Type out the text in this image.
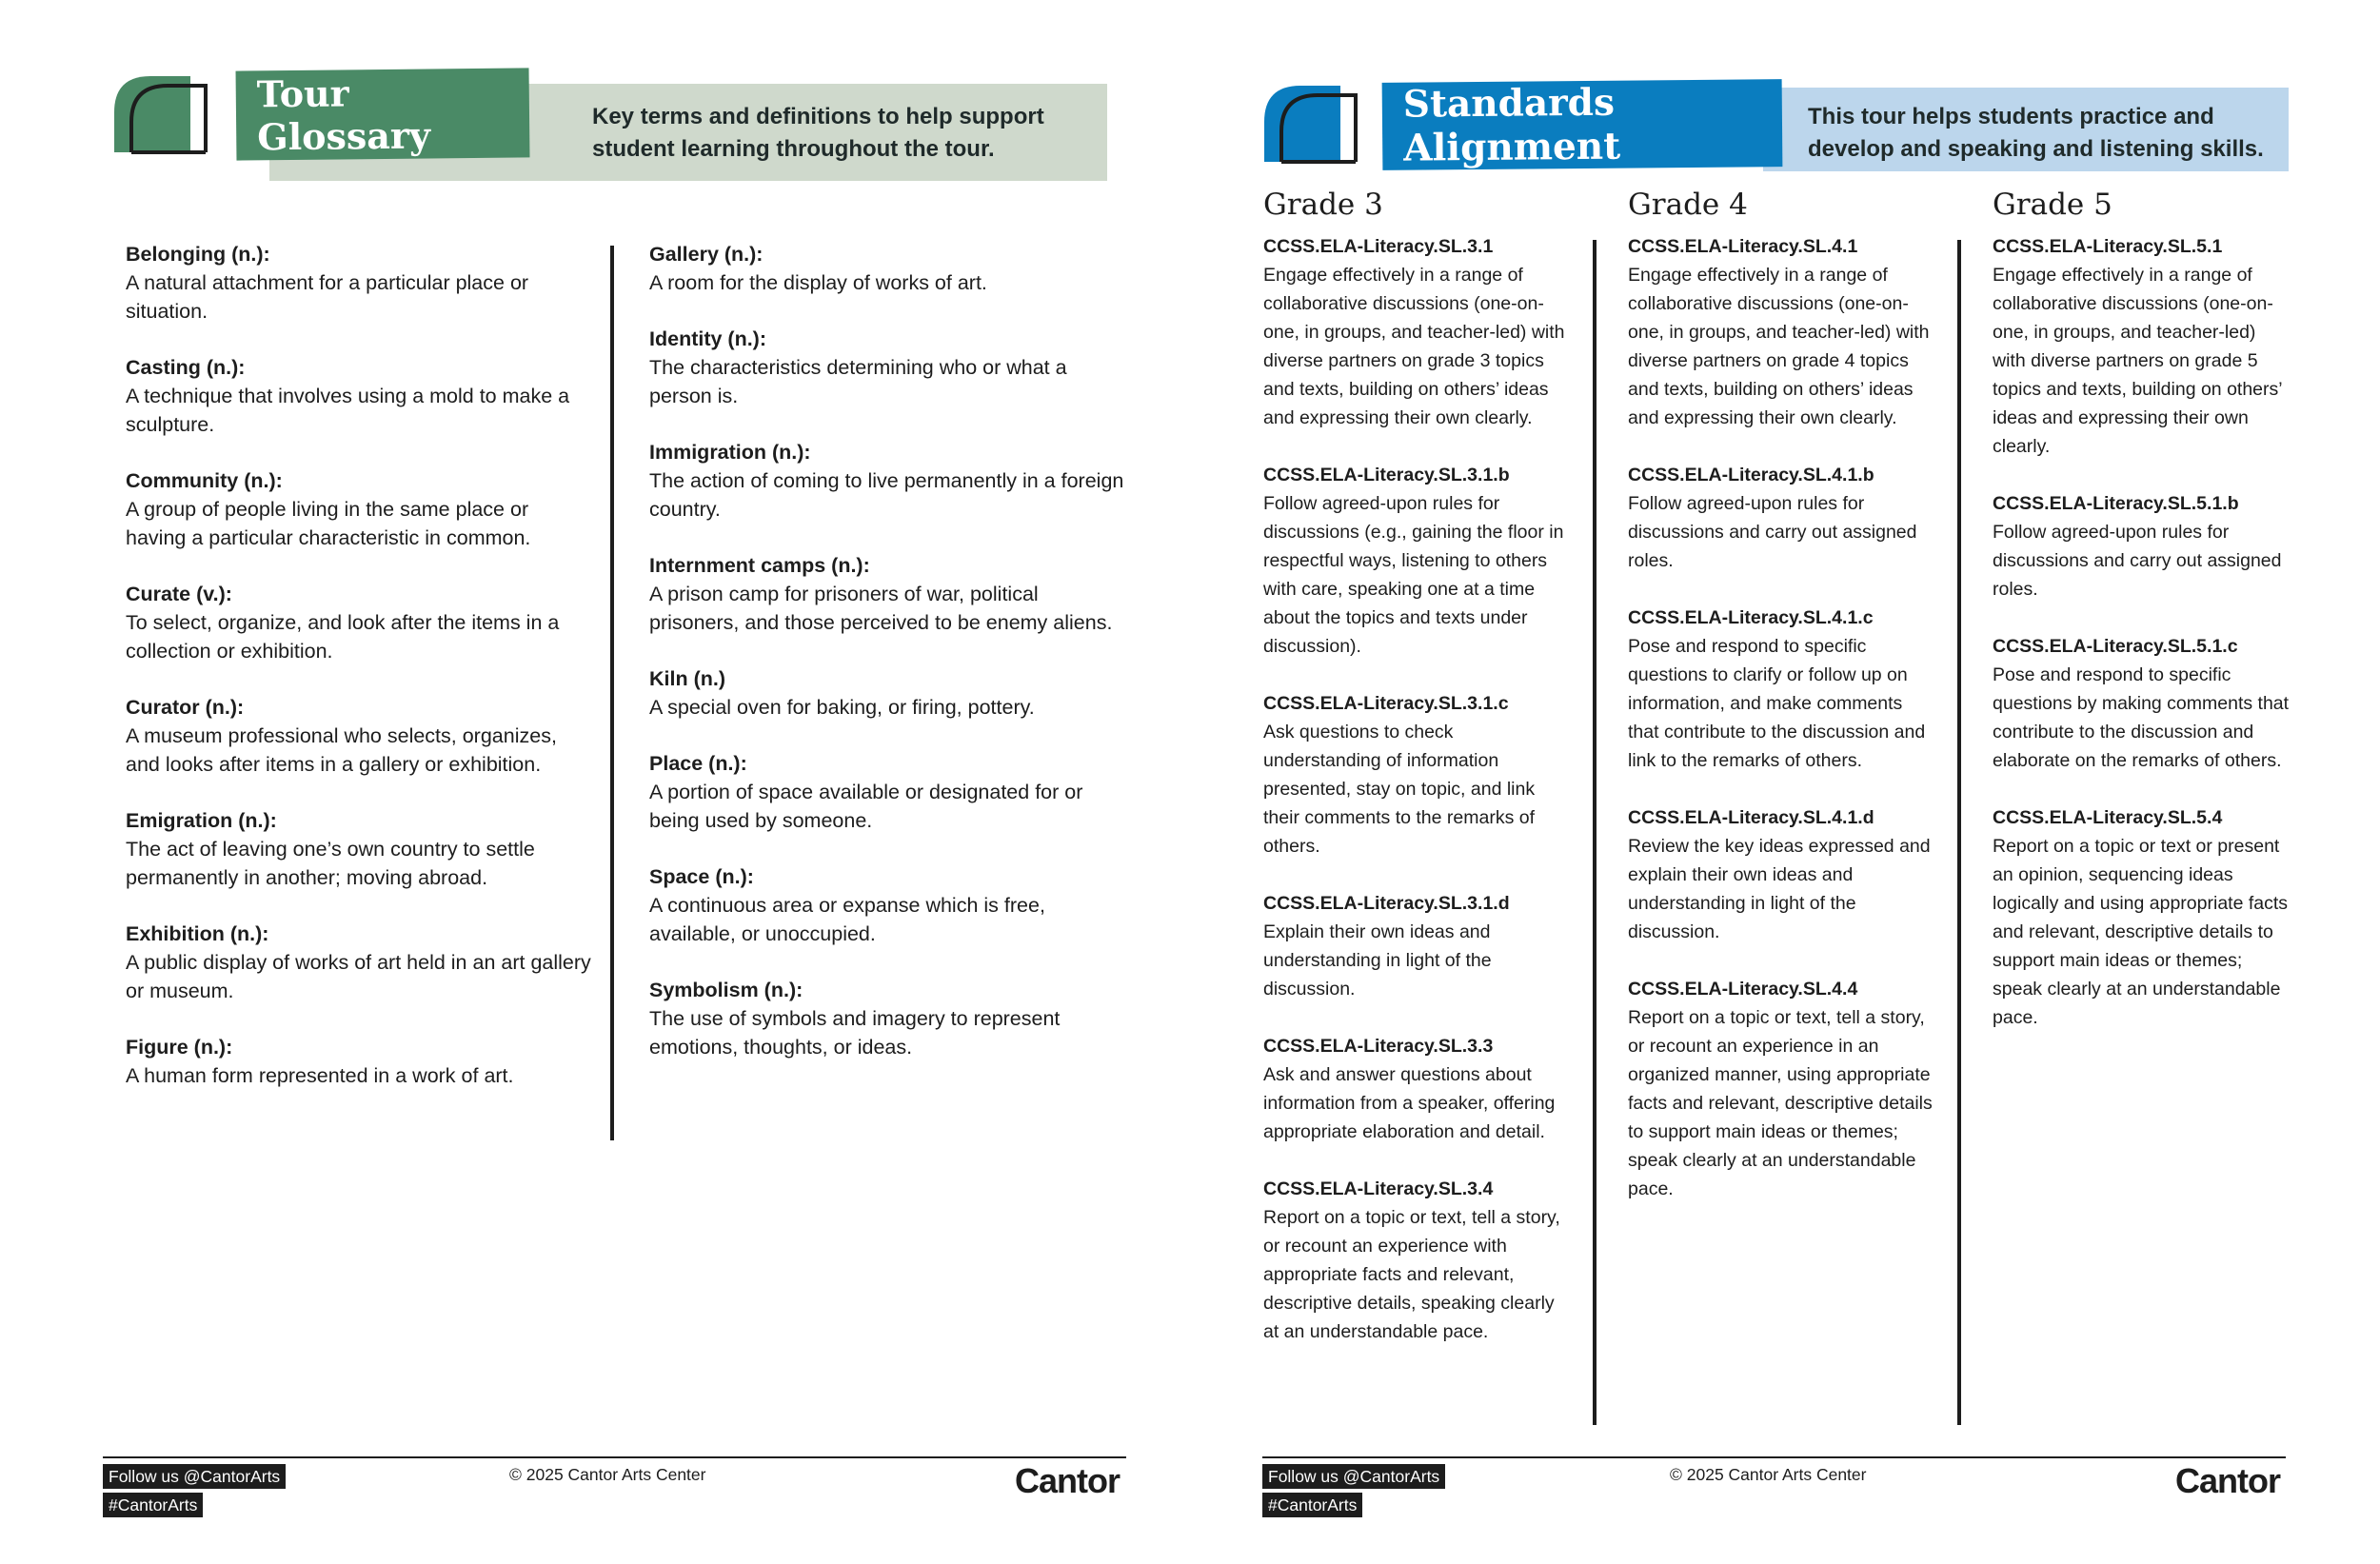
Tour Glossary	Key terms and definitions to help support student learning throughout the tour.
Belonging (n.):
A natural attachment for a particular place or situation.
Casting (n.):
A technique that involves using a mold to make a sculpture.
Community (n.):
A group of people living in the same place or having a particular characteristic in common.
Curate (v.):
To select, organize, and look after the items in a collection or exhibition.
Curator (n.):
A museum professional who selects, organizes, and looks after items in a gallery or exhibition.
Emigration (n.):
The act of leaving one’s own country to settle permanently in another; moving abroad.
Exhibition (n.):
A public display of works of art held in an art gallery or museum.
Figure (n.):
A human form represented in a work of art.
Gallery (n.):
A room for the display of works of art.
Identity (n.):
The characteristics determining who or what a person is.
Immigration (n.):
The action of coming to live permanently in a foreign country.
Internment camps (n.):
A prison camp for prisoners of war, political prisoners, and those perceived to be enemy aliens.
Kiln (n.)
A special oven for baking, or firing, pottery.
Place (n.):
A portion of space available or designated for or being used by someone.
Space (n.):
A continuous area or expanse which is free, available, or unoccupied.
Symbolism (n.):
The use of symbols and imagery to represent emotions, thoughts, or ideas.
Follow us @CantorArts
#CantorArts
© 2025 Cantor Arts Center	Cantor
Standards Alignment
This tour helps students practice and develop and speaking and listening skills.
Grade 3	Grade 4	Grade 5
CCSS.ELA-Literacy.SL.3.1
Engage effectively in a range of collaborative discussions (one-on-one, in groups, and teacher-led) with diverse partners on grade 3 topics and texts, building on others’ ideas and expressing their own clearly.
CCSS.ELA-Literacy.SL.3.1.b
Follow agreed-upon rules for discussions (e.g., gaining the floor in respectful ways, listening to others with care, speaking one at a time about the topics and texts under discussion).
CCSS.ELA-Literacy.SL.3.1.c
Ask questions to check understanding of information presented, stay on topic, and link their comments to the remarks of others.
CCSS.ELA-Literacy.SL.3.1.d
Explain their own ideas and understanding in light of the discussion.
CCSS.ELA-Literacy.SL.3.3
Ask and answer questions about information from a speaker, offering appropriate elaboration and detail.
CCSS.ELA-Literacy.SL.3.4
Report on a topic or text, tell a story, or recount an experience with appropriate facts and relevant, descriptive details, speaking clearly at an understandable pace.
CCSS.ELA-Literacy.SL.4.1
Engage effectively in a range of collaborative discussions (one-on-one, in groups, and teacher-led) with diverse partners on grade 4 topics and texts, building on others’ ideas and expressing their own clearly.
CCSS.ELA-Literacy.SL.4.1.b
Follow agreed-upon rules for discussions and carry out assigned roles.
CCSS.ELA-Literacy.SL.4.1.c
Pose and respond to specific questions to clarify or follow up on information, and make comments that contribute to the discussion and link to the remarks of others.
CCSS.ELA-Literacy.SL.4.1.d
Review the key ideas expressed and explain their own ideas and understanding in light of the discussion.
CCSS.ELA-Literacy.SL.4.4
Report on a topic or text, tell a story, or recount an experience in an organized manner, using appropriate facts and relevant, descriptive details to support main ideas or themes; speak clearly at an understandable pace.
CCSS.ELA-Literacy.SL.5.1
Engage effectively in a range of collaborative discussions (one-on-one, in groups, and teacher-led) with diverse partners on grade 5 topics and texts, building on others’ ideas and expressing their own clearly.
CCSS.ELA-Literacy.SL.5.1.b
Follow agreed-upon rules for discussions and carry out assigned roles.
CCSS.ELA-Literacy.SL.5.1.c
Pose and respond to specific questions by making comments that contribute to the discussion and elaborate on the remarks of others.
CCSS.ELA-Literacy.SL.5.4
Report on a topic or text or present an opinion, sequencing ideas logically and using appropriate facts and relevant, descriptive details to support main ideas or themes; speak clearly at an understandable pace.
Follow us @CantorArts
#CantorArts
© 2025 Cantor Arts Center	Cantor
